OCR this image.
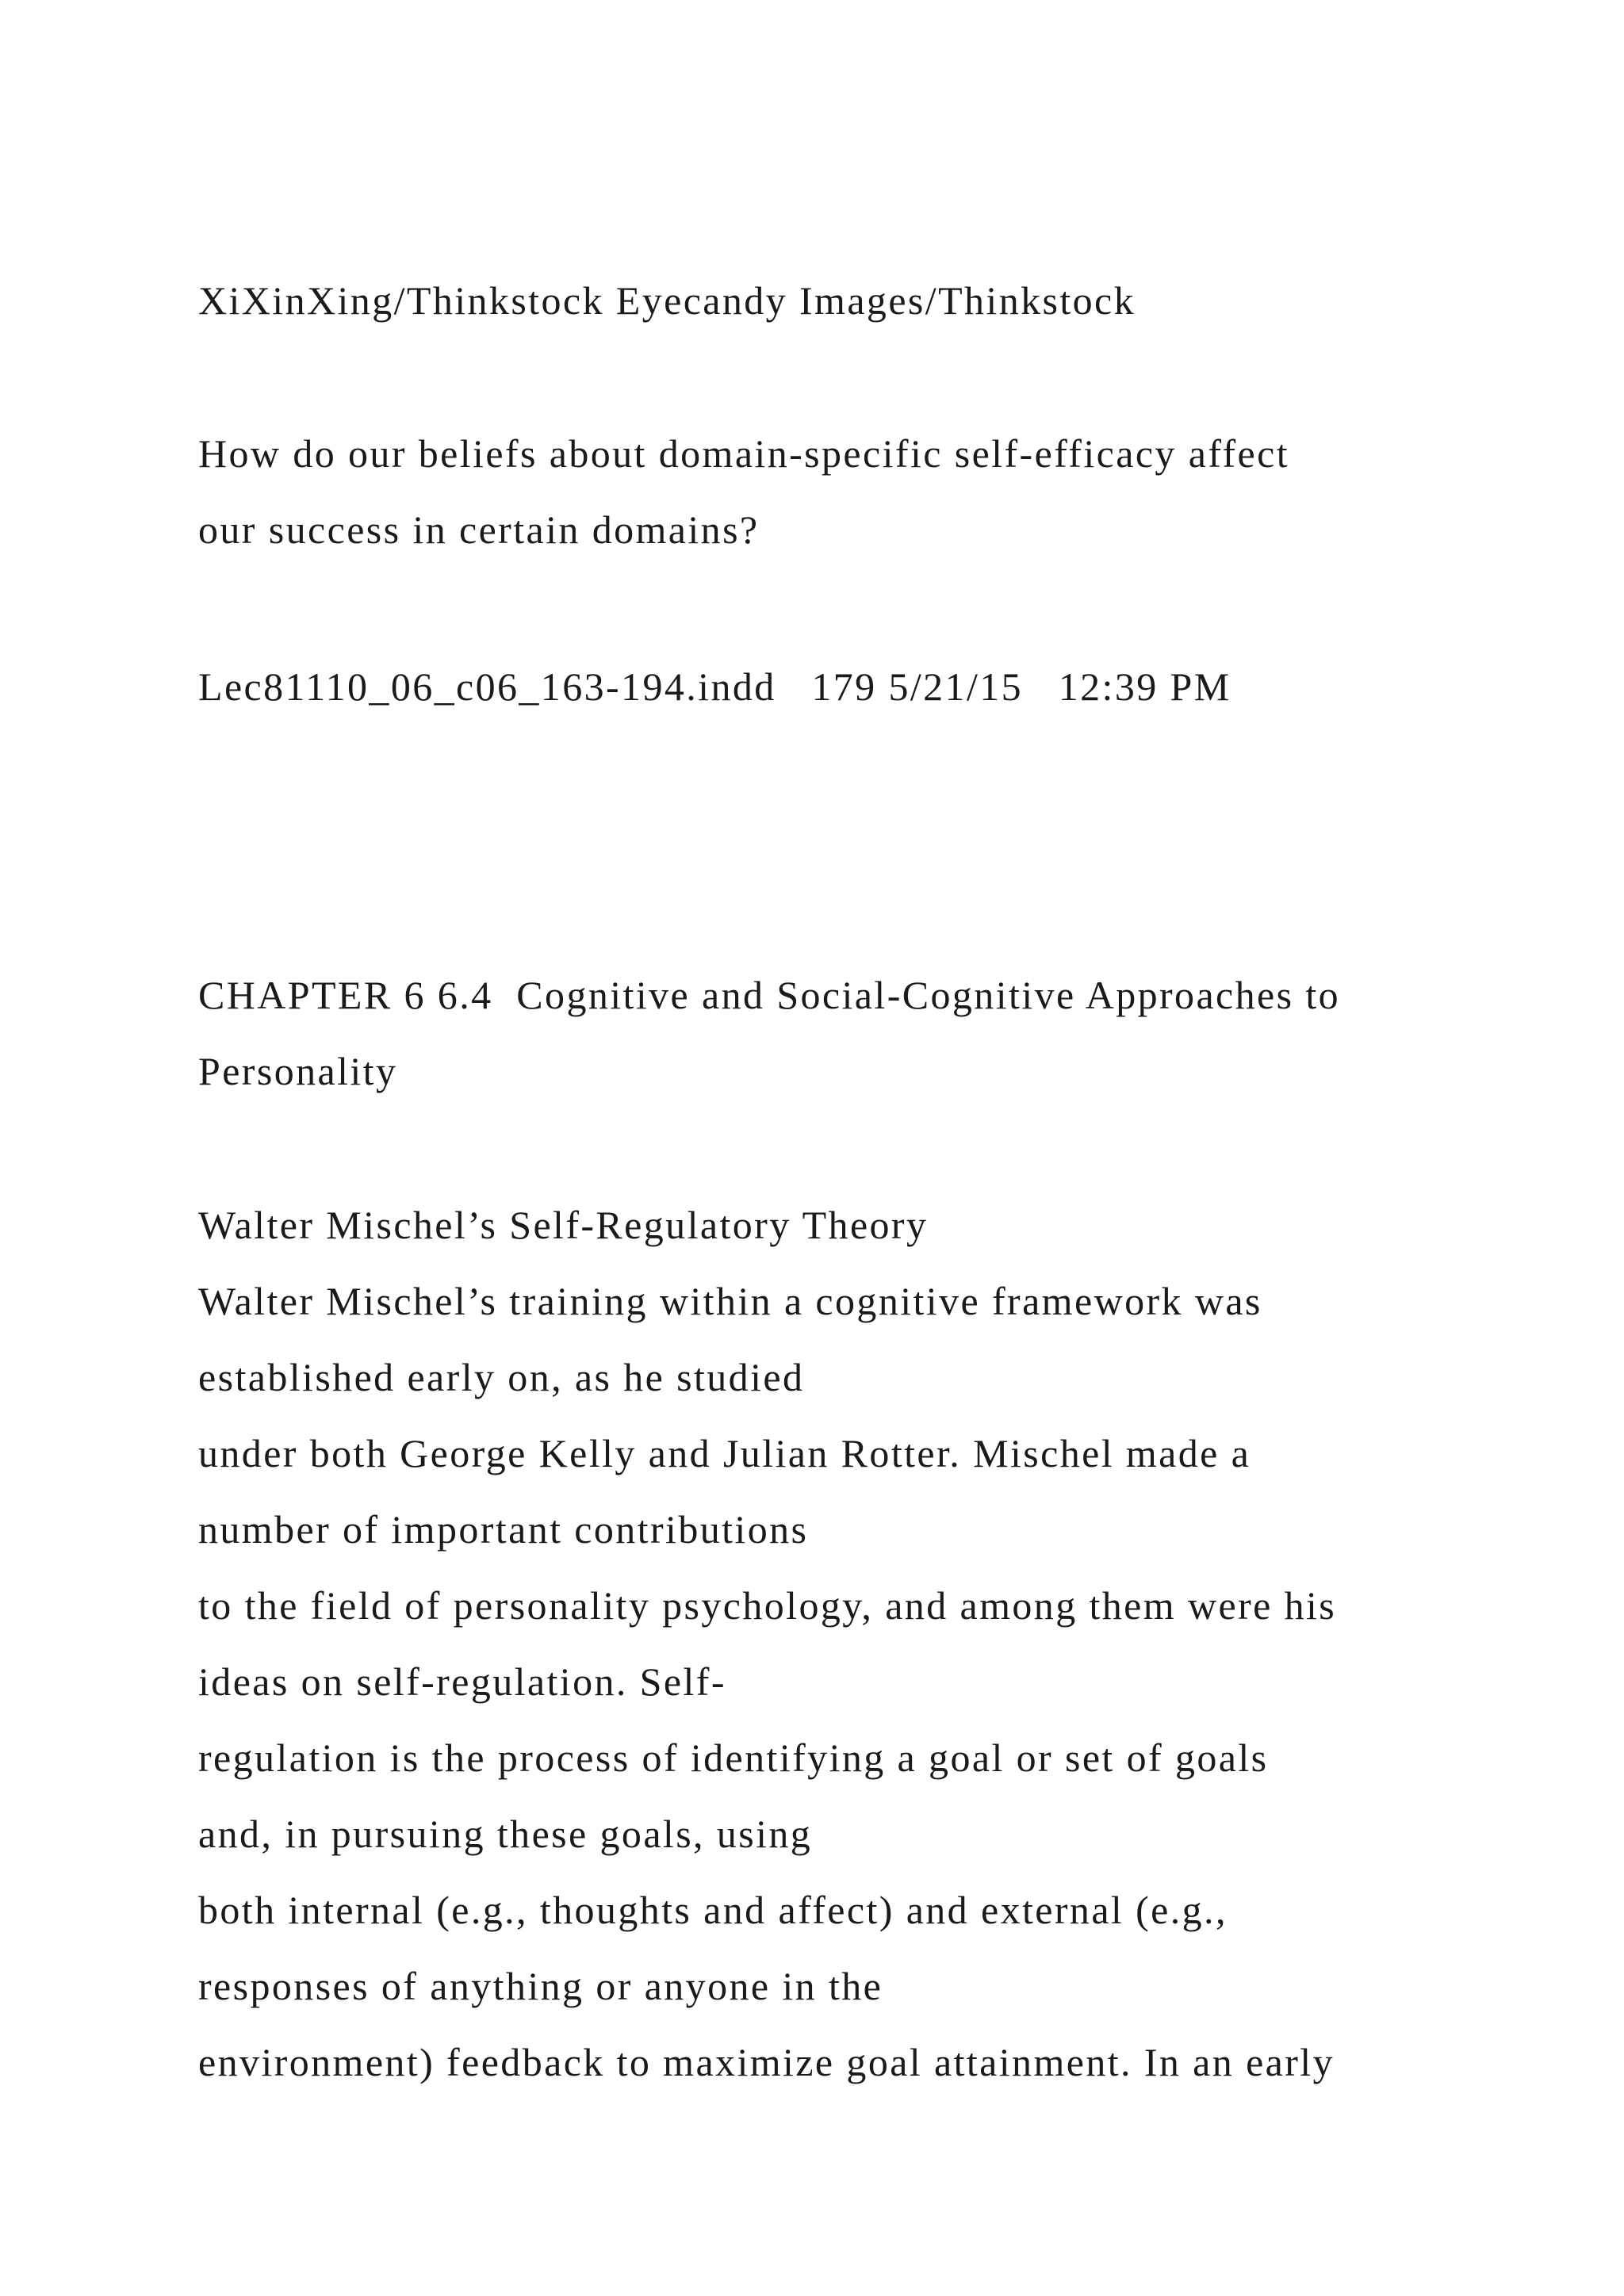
XiXinXing/Thinkstock Eyecandy Images/Thinkstock

How do our beliefs about domain-specific self-efficacy affect

our success in certain domains?

Lec81110_06_c06_163-194.indd   179 5/21/15   12:39 PM

CHAPTER 6 6.4  Cognitive and Social-Cognitive Approaches to

Personality

Walter Mischel’s Self-Regulatory Theory

Walter Mischel’s training within a cognitive framework was

established early on, as he studied

under both George Kelly and Julian Rotter. Mischel made a

number of important contributions

to the field of personality psychology, and among them were his

ideas on self-regulation. Self-

regulation is the process of identifying a goal or set of goals

and, in pursuing these goals, using

both internal (e.g., thoughts and affect) and external (e.g.,

responses of anything or anyone in the

environment) feedback to maximize goal attainment. In an early
